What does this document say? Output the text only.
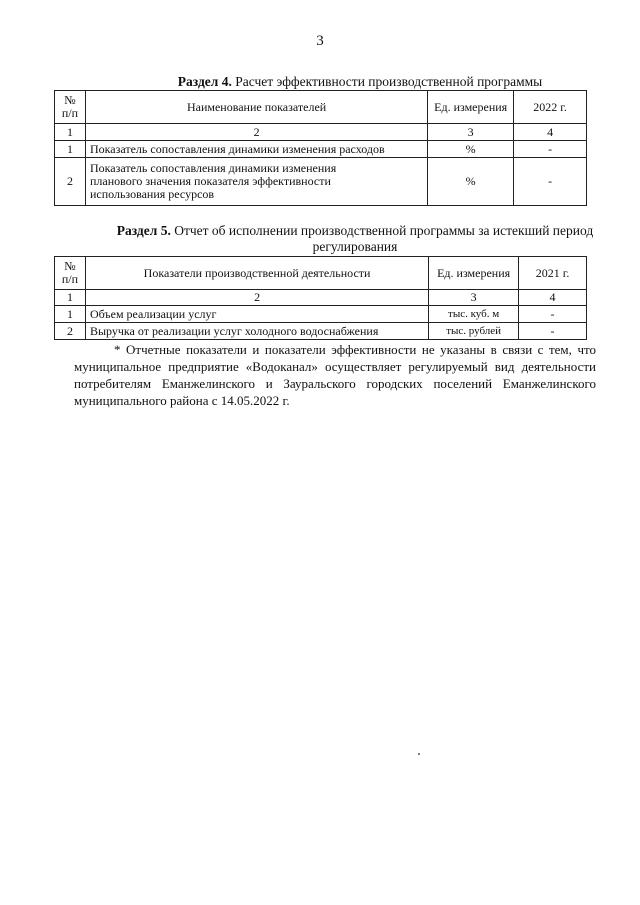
3
Раздел 4. Расчет эффективности производственной программы
№ п/п	Наименование показателей	Ед. измерения	2022 г.
1	2	3	4
1	Показатель сопоставления динамики изменения расходов	%	-
2	Показатель сопоставления динамики изменения планового значения показателя эффективности использования ресурсов	%	-
Раздел 5. Отчет об исполнении производственной программы за истекший период регулирования
№ п/п	Показатели производственной деятельности	Ед. измерения	2021 г.
1	2	3	4
1	Объем реализации услуг	тыс. куб. м	-
2	Выручка от реализации услуг холодного водоснабжения	тыс. рублей	-
* Отчетные показатели и показатели эффективности не указаны в связи с тем, что муниципальное предприятие «Водоканал» осуществляет регулируемый вид деятельности потребителям Еманжелинского и Зауральского городских поселений Еманжелинского муниципального района с 14.05.2022 г.
